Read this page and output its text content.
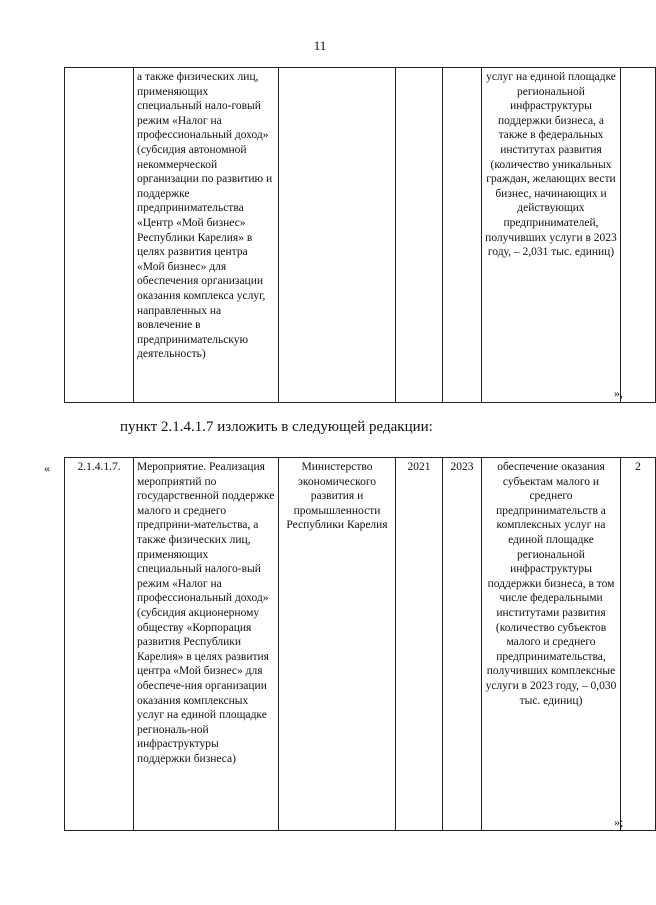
11
	а также физических лиц, применяющих специальный нало-говый режим «Налог на профессиональный доход» (субсидия автономной некоммерческой организации по развитию и поддержке предпринимательства «Центр «Мой бизнес» Республики Карелия» в целях развития центра «Мой бизнес» для обеспечения организации оказания комплекса услуг, направленных на вовлечение в предпринимательскую деятельность)				услуг на единой площадке региональной инфраструктуры поддержки бизнеса, а также в федеральных институтах развития (количество уникальных граждан, желающих вести бизнес, начинающих и действующих предпринимателей, получивших услуги в 2023 году, – 2,031 тыс. единиц)	
»,
пункт 2.1.4.1.7 изложить в следующей редакции:
« 2.1.4.1.7.	Мероприятие. Реализация мероприятий по государственной поддержке малого и среднего предприни-мательства, а также физических лиц, применяющих специальный налого-вый режим «Налог на профессиональный доход» (субсидия акционерному обществу «Корпорация развития Республики Карелия» в целях развития центра «Мой бизнес» для обеспече-ния организации оказания комплексных услуг на единой площадке региональ-ной инфраструктуры поддержки бизнеса)	Министерство экономического развития и промышленности Республики Карелия	2021	2023	обеспечение оказания субъектам малого и среднего предпринимательств а комплексных услуг на единой площадке региональной инфраструктуры поддержки бизнеса, в том числе федеральными институтами развития (количество субъектов малого и среднего предпринимательства, получивших комплексные услуги в 2023 году, – 0,030 тыс. единиц)	2
»;
